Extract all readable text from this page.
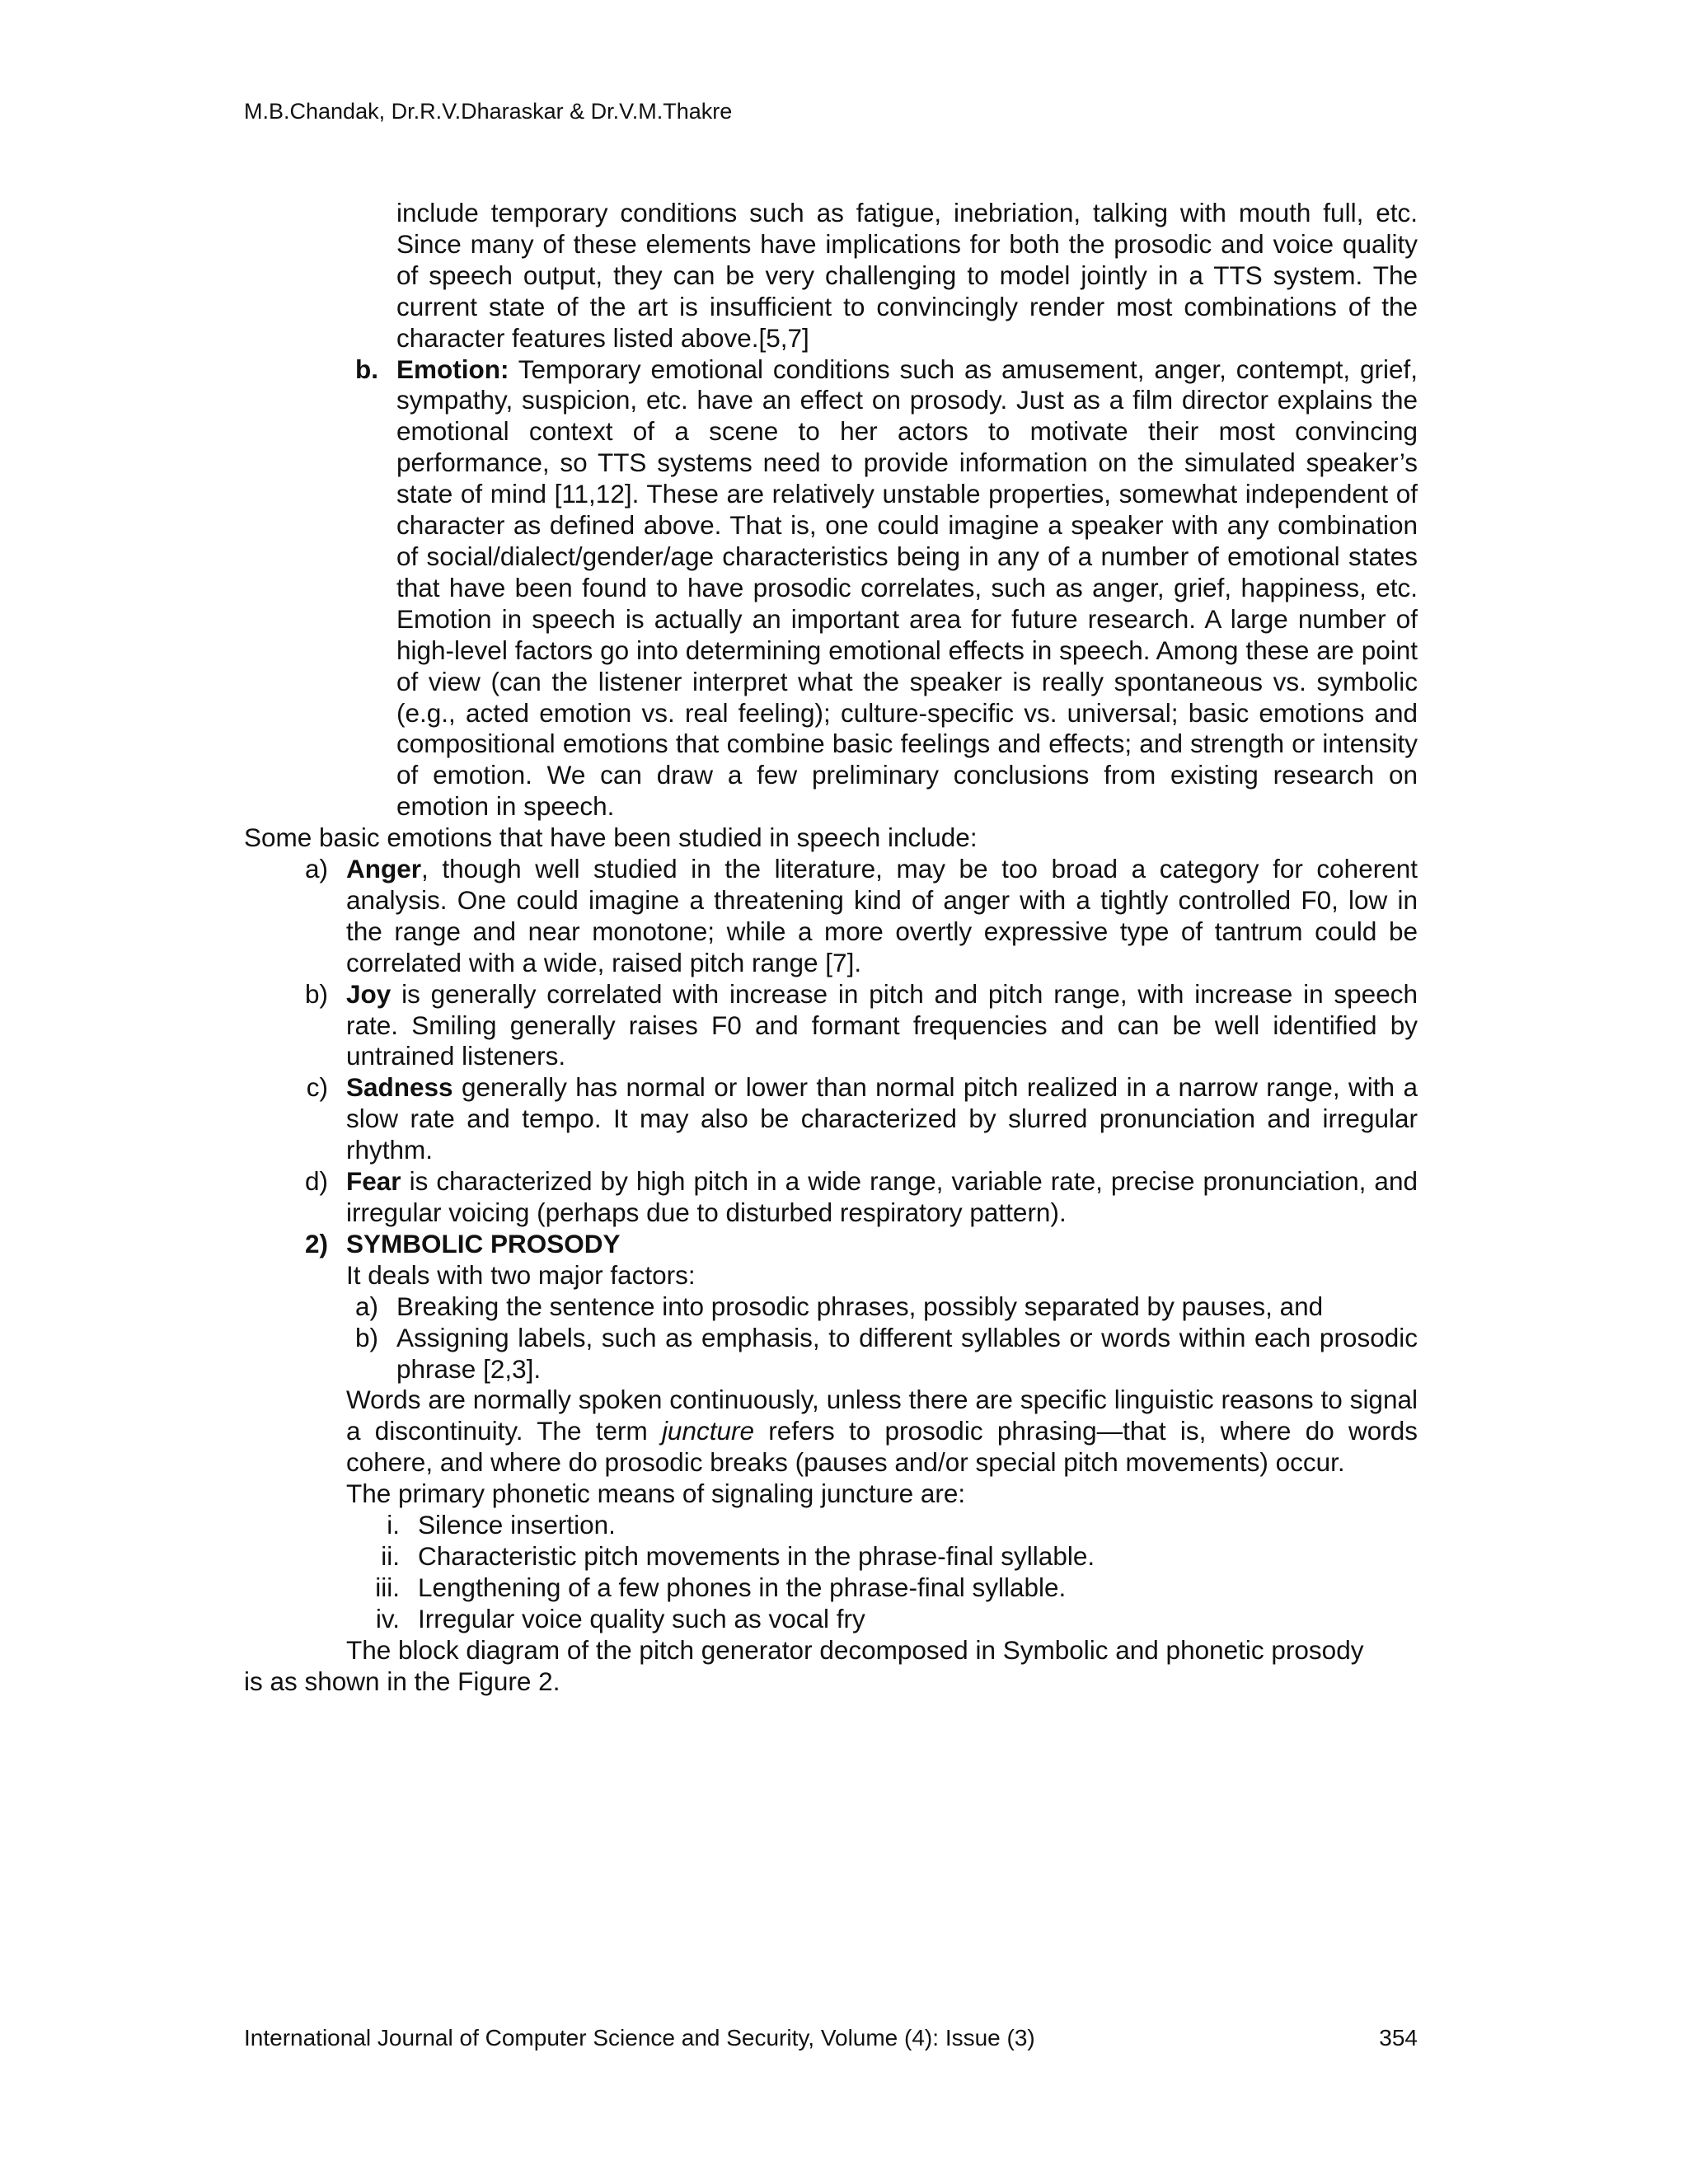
M.B.Chandak, Dr.R.V.Dharaskar & Dr.V.M.Thakre
include temporary conditions such as fatigue, inebriation, talking with mouth full, etc. Since many of these elements have implications for both the prosodic and voice quality of speech output, they can be very challenging to model jointly in a TTS system. The current state of the art is insufficient to convincingly render most combinations of the character features listed above.[5,7]
b. Emotion: Temporary emotional conditions such as amusement, anger, contempt, grief, sympathy, suspicion, etc. have an effect on prosody. Just as a film director explains the emotional context of a scene to her actors to motivate their most convincing performance, so TTS systems need to provide information on the simulated speaker’s state of mind [11,12]. These are relatively unstable properties, somewhat independent of character as defined above. That is, one could imagine a speaker with any combination of social/dialect/gender/age characteristics being in any of a number of emotional states that have been found to have prosodic correlates, such as anger, grief, happiness, etc. Emotion in speech is actually an important area for future research. A large number of high-level factors go into determining emotional effects in speech. Among these are point of view (can the listener interpret what the speaker is really spontaneous vs. symbolic (e.g., acted emotion vs. real feeling); culture-specific vs. universal; basic emotions and compositional emotions that combine basic feelings and effects; and strength or intensity of emotion. We can draw a few preliminary conclusions from existing research on emotion in speech.
Some basic emotions that have been studied in speech include:
a) Anger, though well studied in the literature, may be too broad a category for coherent analysis. One could imagine a threatening kind of anger with a tightly controlled F0, low in the range and near monotone; while a more overtly expressive type of tantrum could be correlated with a wide, raised pitch range [7].
b) Joy is generally correlated with increase in pitch and pitch range, with increase in speech rate. Smiling generally raises F0 and formant frequencies and can be well identified by untrained listeners.
c) Sadness generally has normal or lower than normal pitch realized in a narrow range, with a slow rate and tempo. It may also be characterized by slurred pronunciation and irregular rhythm.
d) Fear is characterized by high pitch in a wide range, variable rate, precise pronunciation, and irregular voicing (perhaps due to disturbed respiratory pattern).
2) SYMBOLIC PROSODY
It deals with two major factors:
a) Breaking the sentence into prosodic phrases, possibly separated by pauses, and
b) Assigning labels, such as emphasis, to different syllables or words within each prosodic phrase [2,3].
Words are normally spoken continuously, unless there are specific linguistic reasons to signal a discontinuity. The term juncture refers to prosodic phrasing—that is, where do words cohere, and where do prosodic breaks (pauses and/or special pitch movements) occur.
The primary phonetic means of signaling juncture are:
i. Silence insertion.
ii. Characteristic pitch movements in the phrase-final syllable.
iii. Lengthening of a few phones in the phrase-final syllable.
iv. Irregular voice quality such as vocal fry
The block diagram of the pitch generator decomposed in Symbolic and phonetic prosody
is as shown in the Figure 2.
International Journal of Computer Science and Security, Volume (4): Issue (3)	354
